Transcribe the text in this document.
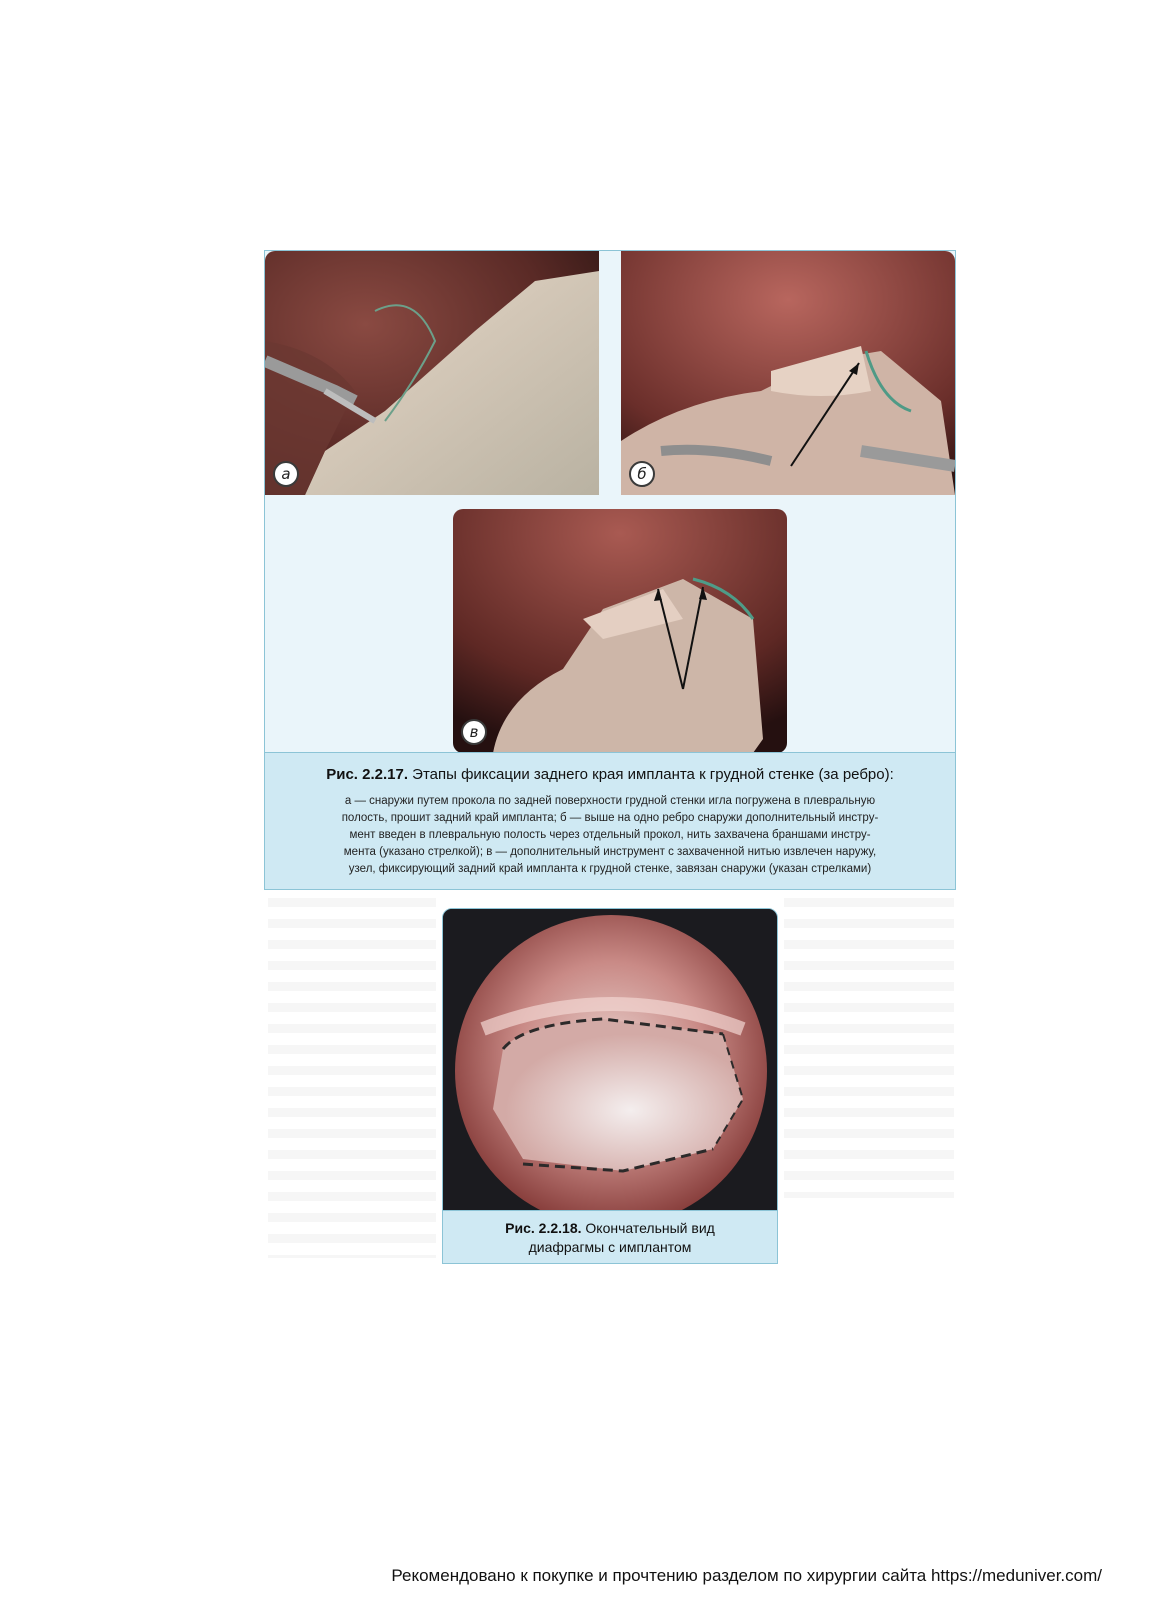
а	б
в

Рис. 2.2.17. Этапы фиксации заднего края импланта к грудной стенке (за ребро):

а — снаружи путем прокола по задней поверхности грудной стенки игла погружена в плевральную
полость, прошит задний край импланта; б — выше на одно ребро снаружи дополнительный инстру-
мент введен в плевральную полость через отдельный прокол, нить захвачена браншами инстру-
мента (указано стрелкой); в — дополнительный инструмент с захваченной нитью извлечен наружу,
узел, фиксирующий задний край импланта к грудной стенке, завязан снаружи (указан стрелками)

Рис. 2.2.18. Окончательный вид
диафрагмы с имплантом
Рекомендовано к покупке и прочтению разделом по хирургии сайта https://meduniver.com/
